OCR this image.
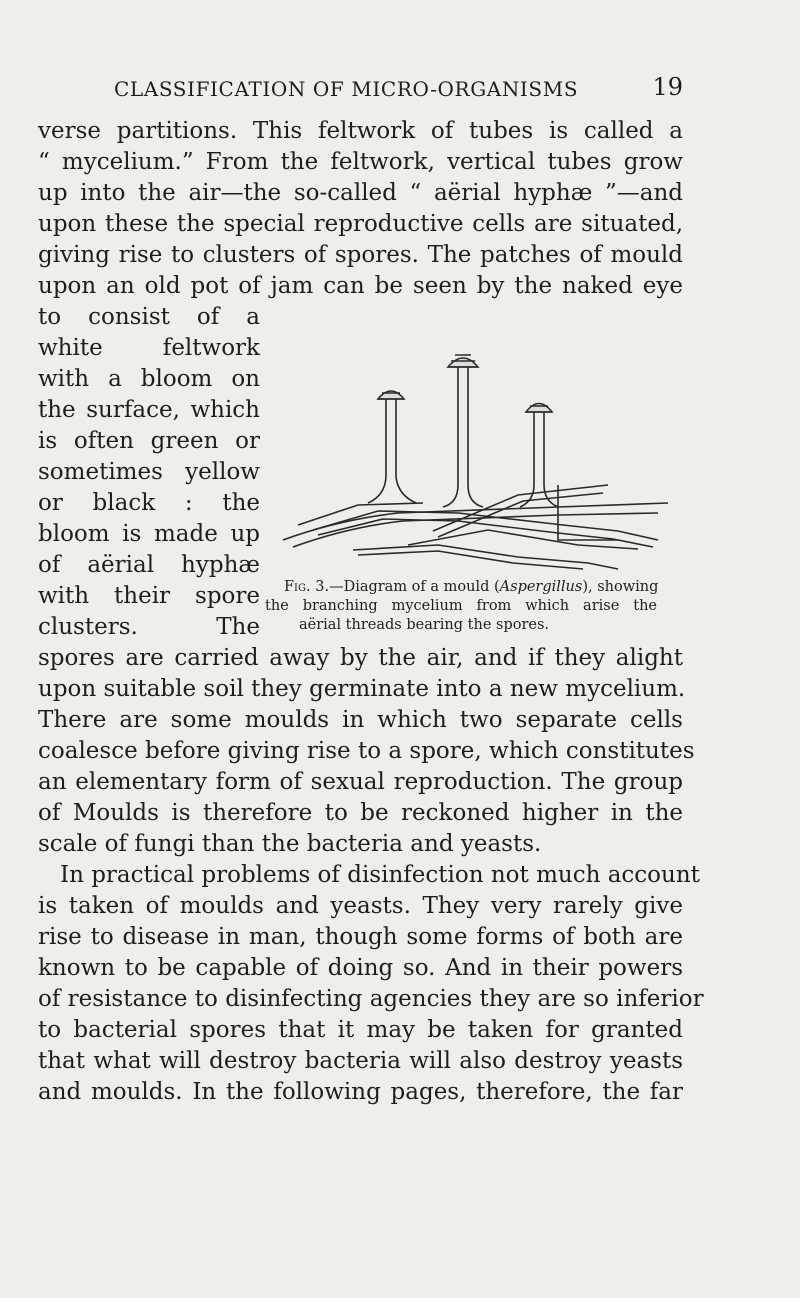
CLASSIFICATION OF MICRO-ORGANISMS	19
verse partitions. This feltwork of tubes is called a
“ mycelium.” From the feltwork, vertical tubes grow
up into the air—the so-called “ aërial hyphæ ”—and
upon these the special reproductive cells are situated,
giving rise to clusters of spores. The patches of mould
upon an old pot of jam can be seen by the naked eye
to consist of a
white feltwork
with a bloom on
the surface, which
is often green or
sometimes yellow
or black : the
bloom is made up
of aërial hyphæ
with their spore
clusters. The
Fig. 3.—Diagram of a mould (Aspergillus), showing
the branching mycelium from which arise the
aërial threads bearing the spores.
spores are carried away by the air, and if they alight
upon suitable soil they germinate into a new mycelium.
There are some moulds in which two separate cells
coalesce before giving rise to a spore, which constitutes
an elementary form of sexual reproduction. The group
of Moulds is therefore to be reckoned higher in the
scale of fungi than the bacteria and yeasts.
In practical problems of disinfection not much account
is taken of moulds and yeasts. They very rarely give
rise to disease in man, though some forms of both are
known to be capable of doing so. And in their powers
of resistance to disinfecting agencies they are so inferior
to bacterial spores that it may be taken for granted
that what will destroy bacteria will also destroy yeasts
and moulds. In the following pages, therefore, the far
